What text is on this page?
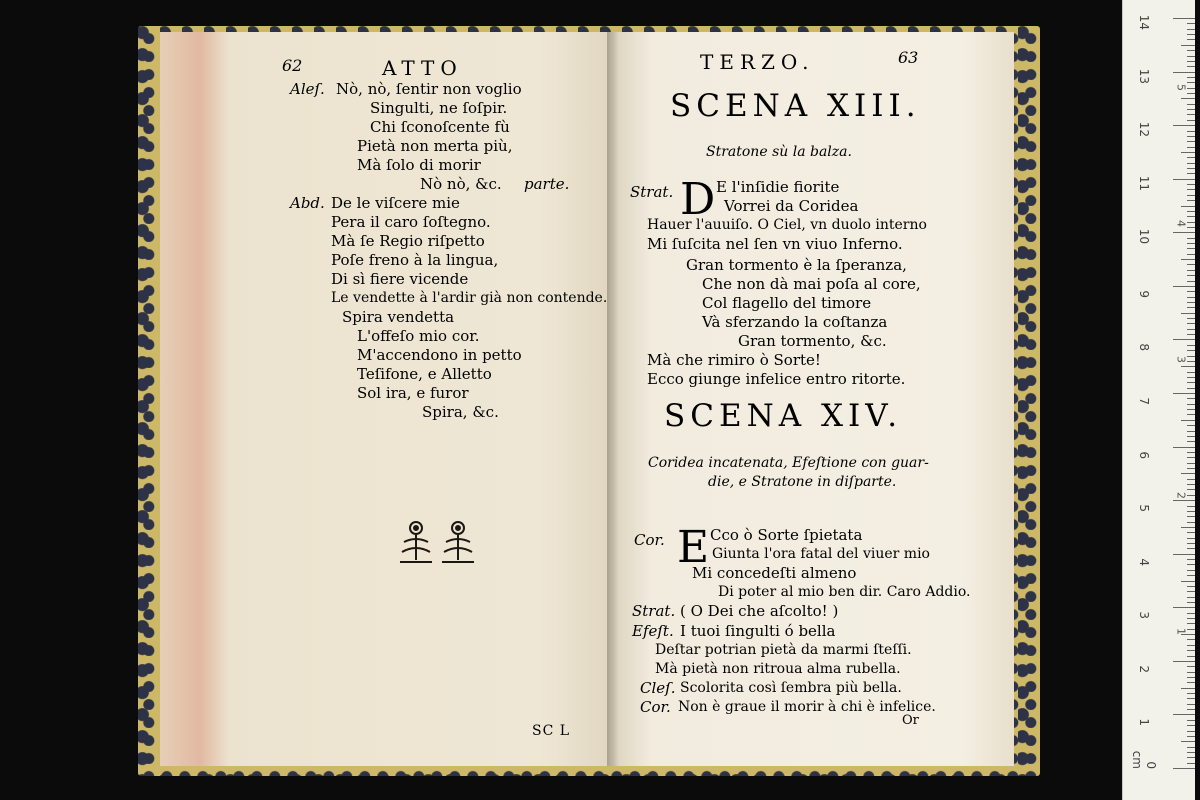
0 cm
1
2
3
4
5
6
7
8
9
10
11
12
13
14
1
2
3
4
5
62	ATTO
Aleſ. Nò, nò, ſentir non voglio
Singulti, ne ſoſpir.
Chi ſconoſcente fù
Pietà non merta più,
Mà ſolo di morir
Nò nò, &c. parte.
Abd. De le viſcere mie
Pera il caro ſoſtegno.
Mà ſe Regio riſpetto
Poſe freno à la lingua,
Di sì fiere vicende
Le vendette à l'ardir già non contende.
Spira vendetta
L'offeſo mio cor.
M'accendono in petto
Teſifone, e Alletto
Sol ira, e furor
Spira, &c.
SC L
TERZO.	63
SCENA XIII.
Stratone sù la balza.
Strat. D E l'inſidie fiorite
Vorrei da Coridea
Hauer l'auuiſo. O Ciel, vn duolo interno
Mi ſuſcita nel ſen vn viuo Inferno.
Gran tormento è la ſperanza,
Che non dà mai poſa al core,
Col flagello del timore
Và sferzando la coſtanza
Gran tormento, &c.
Mà che rimiro ò Sorte!
Ecco giunge infelice entro ritorte.
SCENA XIV.
Coridea incatenata, Efeſtione con guar-
die, e Stratone in diſparte.
Cor. E Cco ò Sorte ſpietata
Giunta l'ora fatal del viuer mio
Mi concedeſti almeno
Di poter al mio ben dir. Caro Addio.
Strat. ( O Dei che aſcolto! )
Efeſt. I tuoi ſingulti ó bella
Deſtar potrian pietà da marmi ſteſſi.
Mà pietà non ritroua alma rubella.
Cleſ. Scolorita così ſembra più bella.
Cor. Non è graue il morir à chi è infelice.
Or
